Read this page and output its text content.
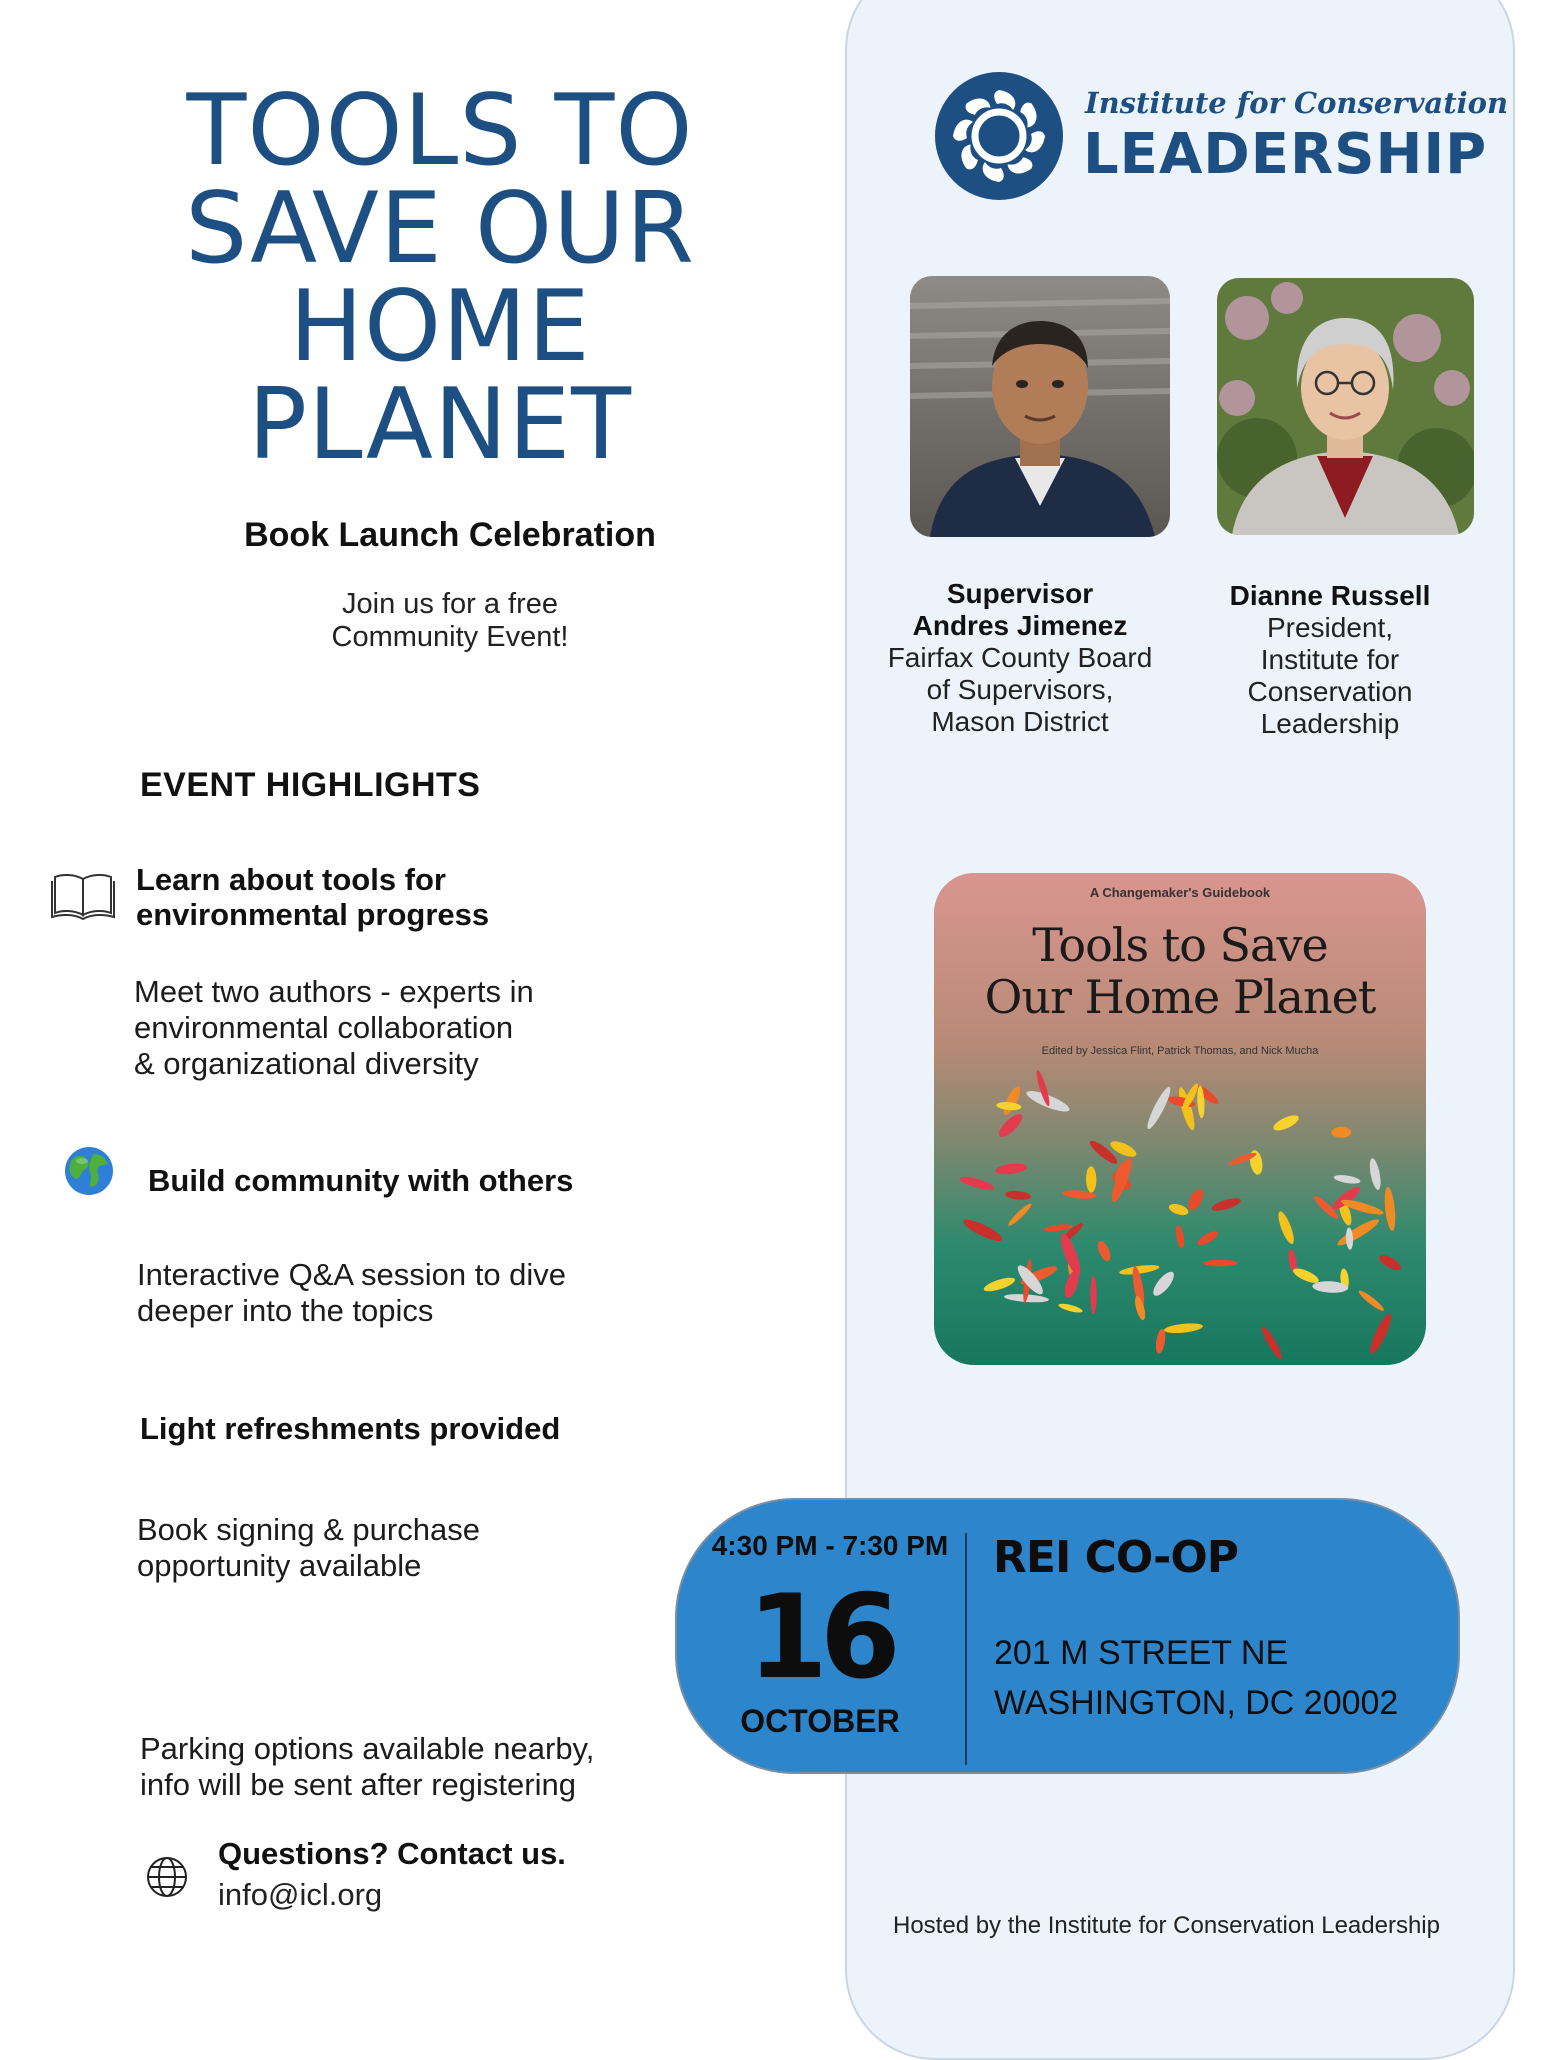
TOOLS TO
SAVE OUR
HOME
PLANET
Book Launch Celebration
Join us for a free
Community Event!
EVENT HIGHLIGHTS
Learn about tools for
environmental progress
Meet two authors - experts in
environmental collaboration
& organizational diversity
Build community with others
Interactive Q&A session to dive
deeper into the topics
Light refreshments provided
Book signing & purchase
opportunity available
Parking options available nearby,
info will be sent after registering
Questions? Contact us.
info@icl.org
Institute for Conservation
LEADERSHIP
Supervisor
Andres Jimenez
Fairfax County Board
of Supervisors,
Mason District
Dianne Russell
President,
Institute for
Conservation
Leadership
A Changemaker's Guidebook
Tools to Save
Our Home Planet
Edited by Jessica Flint, Patrick Thomas, and Nick Mucha
4:30 PM - 7:30 PM
16
OCTOBER
REI CO-OP
201 M STREET NE
WASHINGTON, DC 20002
Hosted by the Institute for Conservation Leadership
